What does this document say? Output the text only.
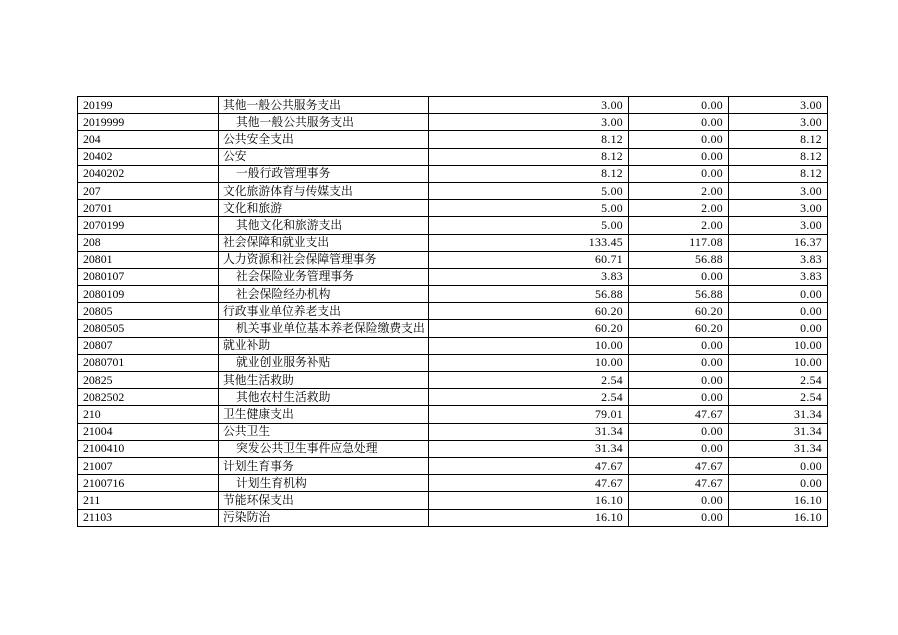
20199	其他一般公共服务支出	3.00	0.00	3.00
2019999	其他一般公共服务支出	3.00	0.00	3.00
204	公共安全支出	8.12	0.00	8.12
20402	公安	8.12	0.00	8.12
2040202	一般行政管理事务	8.12	0.00	8.12
207	文化旅游体育与传媒支出	5.00	2.00	3.00
20701	文化和旅游	5.00	2.00	3.00
2070199	其他文化和旅游支出	5.00	2.00	3.00
208	社会保障和就业支出	133.45	117.08	16.37
20801	人力资源和社会保障管理事务	60.71	56.88	3.83
2080107	社会保险业务管理事务	3.83	0.00	3.83
2080109	社会保险经办机构	56.88	56.88	0.00
20805	行政事业单位养老支出	60.20	60.20	0.00
2080505	机关事业单位基本养老保险缴费支出	60.20	60.20	0.00
20807	就业补助	10.00	0.00	10.00
2080701	就业创业服务补贴	10.00	0.00	10.00
20825	其他生活救助	2.54	0.00	2.54
2082502	其他农村生活救助	2.54	0.00	2.54
210	卫生健康支出	79.01	47.67	31.34
21004	公共卫生	31.34	0.00	31.34
2100410	突发公共卫生事件应急处理	31.34	0.00	31.34
21007	计划生育事务	47.67	47.67	0.00
2100716	计划生育机构	47.67	47.67	0.00
211	节能环保支出	16.10	0.00	16.10
21103	污染防治	16.10	0.00	16.10
